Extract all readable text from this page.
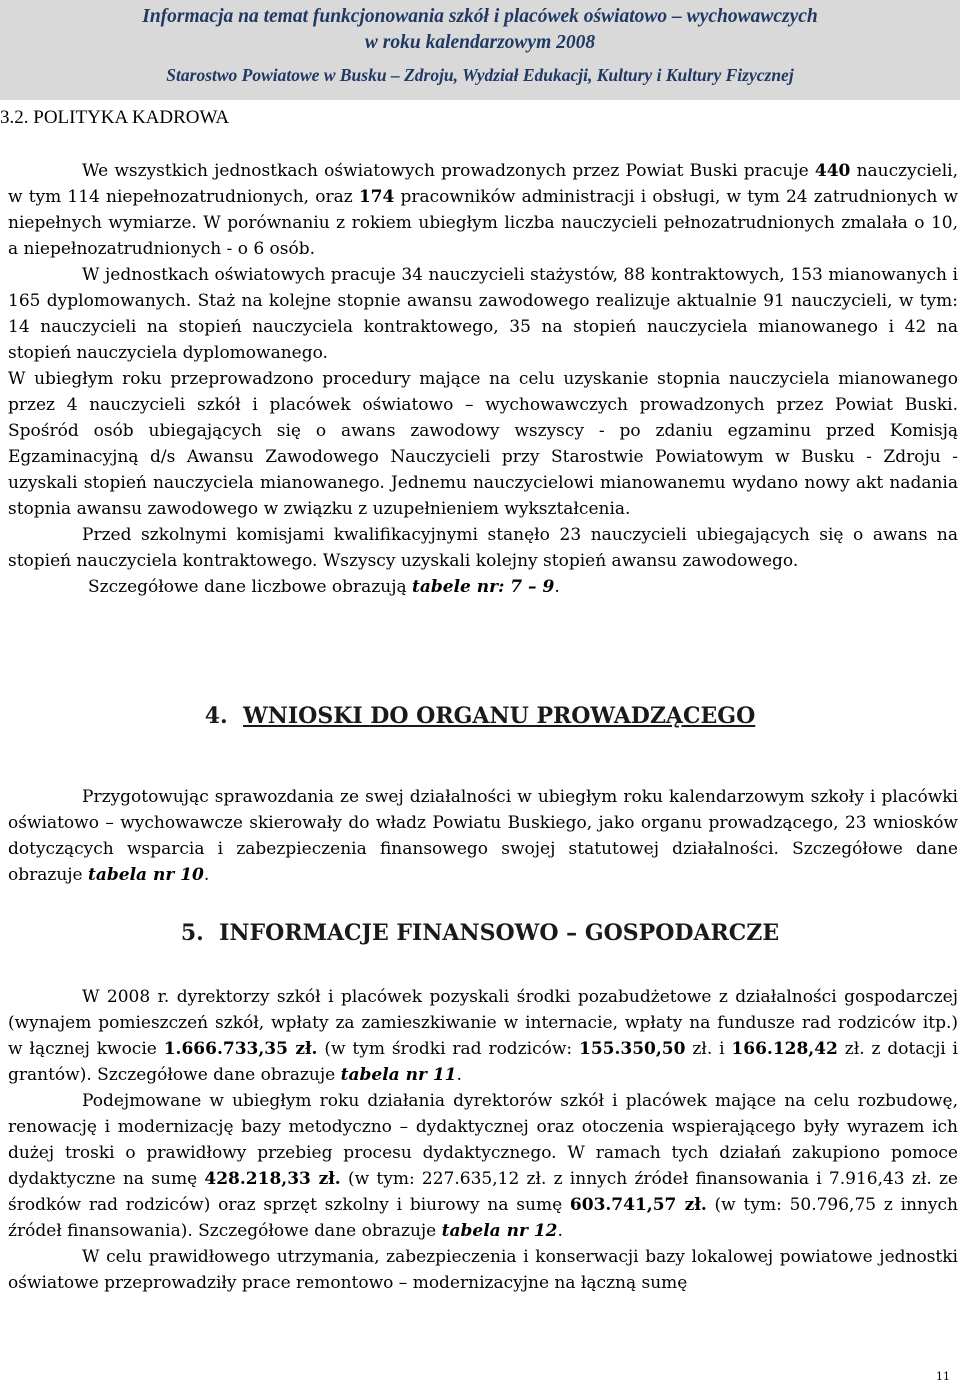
Informacja na temat funkcjonowania szkół i placówek oświatowo – wychowawczych
w roku kalendarzowym 2008
Starostwo Powiatowe w Busku – Zdroju, Wydział Edukacji, Kultury i Kultury Fizycznej
3.2. POLITYKA KADROWA

We wszystkich jednostkach oświatowych prowadzonych przez Powiat Buski pracuje 440 nauczycieli, w tym 114 niepełnozatrudnionych, oraz 174 pracowników administracji i obsługi, w tym 24 zatrudnionych w niepełnych wymiarze. W porównaniu z rokiem ubiegłym liczba nauczycieli pełnozatrudnionych zmalała o 10, a niepełnozatrudnionych - o 6 osób.

W jednostkach oświatowych pracuje 34 nauczycieli stażystów, 88 kontraktowych, 153 mianowanych i 165 dyplomowanych. Staż na kolejne stopnie awansu zawodowego realizuje aktualnie 91 nauczycieli, w tym: 14 nauczycieli na stopień nauczyciela kontraktowego, 35 na stopień nauczyciela mianowanego i 42 na stopień nauczyciela dyplomowanego.

W ubiegłym roku przeprowadzono procedury mające na celu uzyskanie stopnia nauczyciela mianowanego przez 4 nauczycieli szkół i placówek oświatowo – wychowawczych prowadzonych przez Powiat Buski. Spośród osób ubiegających się o awans zawodowy wszyscy - po zdaniu egzaminu przed Komisją Egzaminacyjną d/s Awansu Zawodowego Nauczycieli przy Starostwie Powiatowym w Busku - Zdroju - uzyskali stopień nauczyciela mianowanego. Jednemu nauczycielowi mianowanemu wydano nowy akt nadania stopnia awansu zawodowego w związku z uzupełnieniem wykształcenia.

Przed szkolnymi komisjami kwalifikacyjnymi stanęło 23 nauczycieli ubiegających się o awans na stopień nauczyciela kontraktowego. Wszyscy uzyskali kolejny stopień awansu zawodowego.

Szczegółowe dane liczbowe obrazują tabele nr: 7 – 9.

4. WNIOSKI DO ORGANU PROWADZĄCEGO

Przygotowując sprawozdania ze swej działalności w ubiegłym roku kalendarzowym szkoły i placówki oświatowo – wychowawcze skierowały do władz Powiatu Buskiego, jako organu prowadzącego, 23 wniosków dotyczących wsparcia i zabezpieczenia finansowego swojej statutowej działalności. Szczegółowe dane obrazuje tabela nr 10.

5. INFORMACJE FINANSOWO – GOSPODARCZE

W 2008 r. dyrektorzy szkół i placówek pozyskali środki pozabudżetowe z działalności gospodarczej (wynajem pomieszczeń szkół, wpłaty za zamieszkiwanie w internacie, wpłaty na fundusze rad rodziców itp.) w łącznej kwocie 1.666.733,35 zł. (w tym środki rad rodziców: 155.350,50 zł. i 166.128,42 zł. z dotacji i grantów). Szczegółowe dane obrazuje tabela nr 11.

Podejmowane w ubiegłym roku działania dyrektorów szkół i placówek mające na celu rozbudowę, renowację i modernizację bazy metodyczno – dydaktycznej oraz otoczenia wspierającego były wyrazem ich dużej troski o prawidłowy przebieg procesu dydaktycznego. W ramach tych działań zakupiono pomoce dydaktyczne na sumę 428.218,33 zł. (w tym: 227.635,12 zł. z innych źródeł finansowania i 7.916,43 zł. ze środków rad rodziców) oraz sprzęt szkolny i biurowy na sumę 603.741,57 zł. (w tym: 50.796,75 z innych źródeł finansowania). Szczegółowe dane obrazuje tabela nr 12.

W celu prawidłowego utrzymania, zabezpieczenia i konserwacji bazy lokalowej powiatowe jednostki oświatowe przeprowadziły prace remontowo – modernizacyjne na łączną sumę

11
